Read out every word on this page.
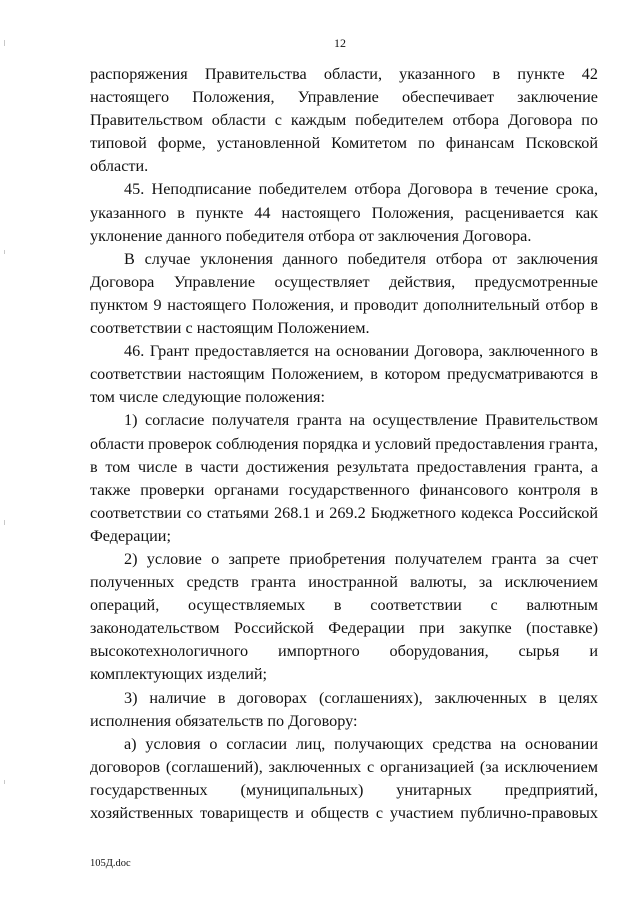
12

распоряжения Правительства области, указанного в пункте 42 настоящего Положения, Управление обеспечивает заключение Правительством области с каждым победителем отбора Договора по типовой форме, установленной Комитетом по финансам Псковской области.

45. Неподписание победителем отбора Договора в течение срока, указанного в пункте 44 настоящего Положения, расценивается как уклонение данного победителя отбора от заключения Договора.

В случае уклонения данного победителя отбора от заключения Договора Управление осуществляет действия, предусмотренные пунктом 9 настоящего Положения, и проводит дополнительный отбор в соответствии с настоящим Положением.

46. Грант предоставляется на основании Договора, заключенного в соответствии настоящим Положением, в котором предусматриваются в том числе следующие положения:

1) согласие получателя гранта на осуществление Правительством области проверок соблюдения порядка и условий предоставления гранта, в том числе в части достижения результата предоставления гранта, а также проверки органами государственного финансового контроля в соответствии со статьями 268.1 и 269.2 Бюджетного кодекса Российской Федерации;

2) условие о запрете приобретения получателем гранта за счет полученных средств гранта иностранной валюты, за исключением операций, осуществляемых в соответствии с валютным законодательством Российской Федерации при закупке (поставке) высокотехнологичного импортного оборудования, сырья и комплектующих изделий;

3) наличие в договорах (соглашениях), заключенных в целях исполнения обязательств по Договору:

а) условия о согласии лиц, получающих средства на основании договоров (соглашений), заключенных с организацией (за исключением государственных (муниципальных) унитарных предприятий, хозяйственных товариществ и обществ с участием публично-правовых

105Д.doc
